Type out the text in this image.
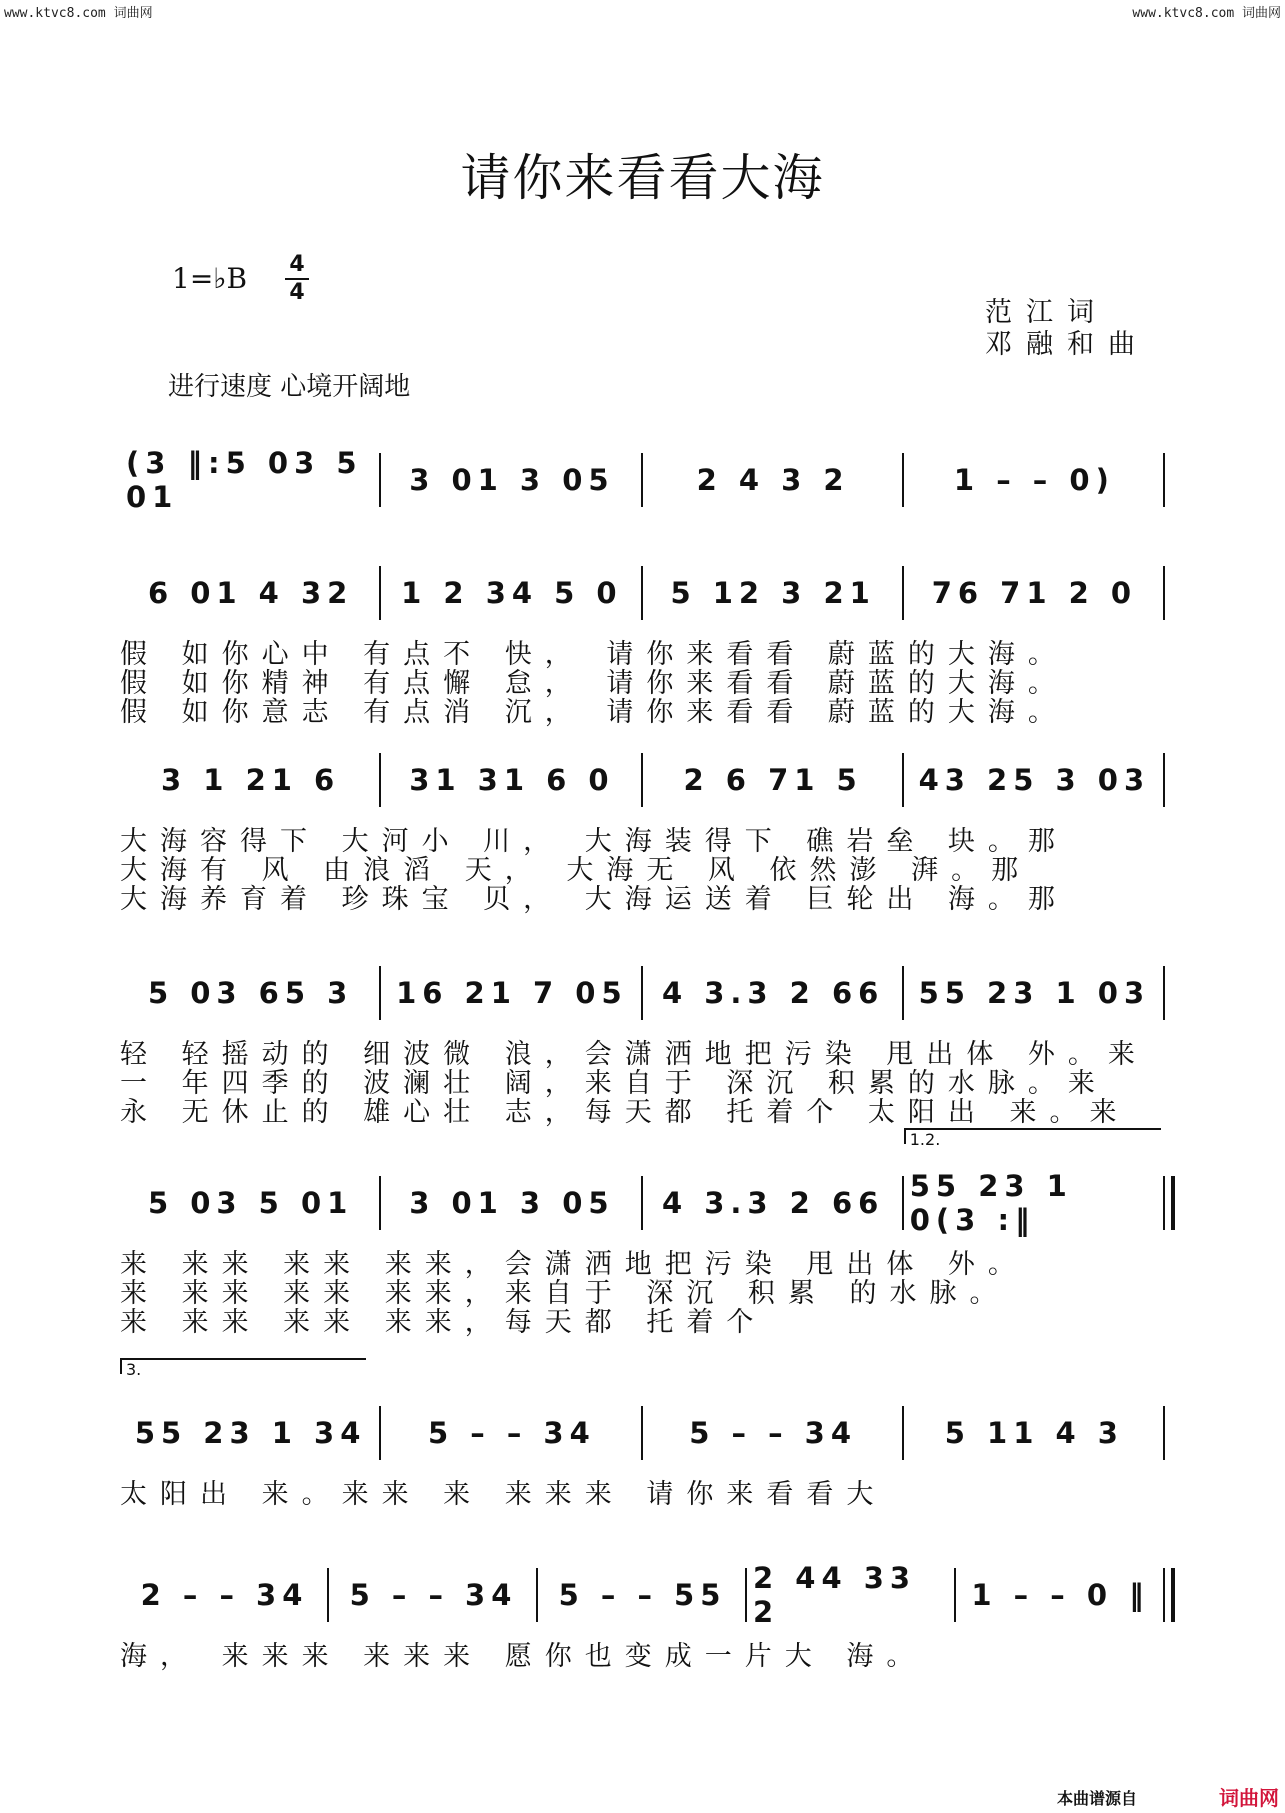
www.ktvc8.com 词曲网	www.ktvc8.com 词曲网
请你来看看大海
1=♭B	4
4
范江词
邓融和曲
进行速度 心境开阔地
(3 ‖:5 03 5 01	3 01 3 05	2 4 3 2	1 – – 0)
6 01 4 32	1 2 34 5 0	5 12 3 21	76 71 2 0
假 如你心中 有点不 快， 请你来看看 蔚蓝的大海。
假 如你精神 有点懈 怠， 请你来看看 蔚蓝的大海。
假 如你意志 有点消 沉， 请你来看看 蔚蓝的大海。
3 1 21 6	31 31 6 0	2 6 71 5	43 25 3 03
大海容得下 大河小 川， 大海装得下 礁岩垒 块。那
大海有 风 由浪滔 天， 大海无 风 依然澎 湃。那
大海养育着 珍珠宝 贝， 大海运送着 巨轮出 海。那
5 03 65 3	16 21 7 05	4 3.3 2 66	55 23 1 03
轻 轻摇动的 细波微 浪，会潇洒地把污染 甩出体 外。来
一 年四季的 波澜壮 阔，来自于 深沉 积累的水脉。来
永 无休止的 雄心壮 志，每天都 托着个 太阳出 来。来
5 03 5 01	3 01 3 05	4 3.3 2 66 55 23 1 0(3 :‖
1.2.
来 来来 来来 来来，会潇洒地把污染 甩出体 外。
来 来来 来来 来来，来自于 深沉 积累 的水脉。
来 来来 来来 来来，每天都 托着个
55 23 1 34	5 – – 34	5 – – 34	5 11 4 3
3.
太阳出 来。来来 来 来来来 请你来看看大
2 – – 34	5 – – 34	5 – – 55 2 44 33 2	1 – – 0 ‖
海， 来来来 来来来 愿你也变成一片大 海。
本曲谱源自	词曲网
